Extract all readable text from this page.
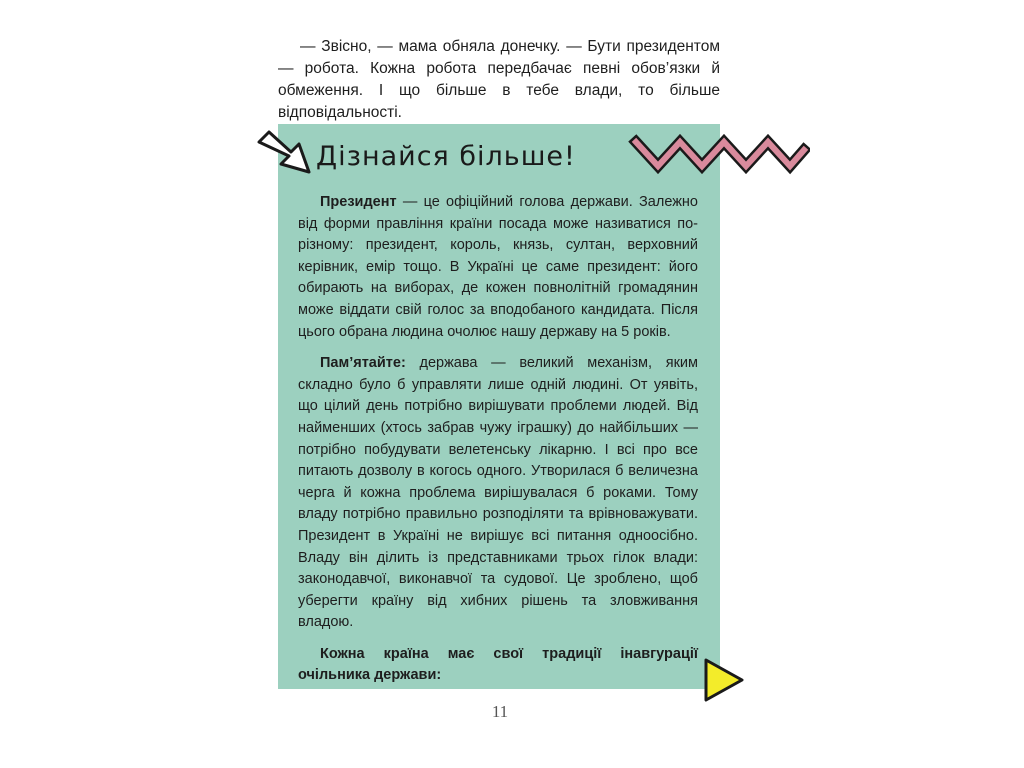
— Звісно, — мама обняла донечку. — Бути президентом — робота. Кожна робота передбачає певні обов’язки й обмеження. І що більше в тебе влади, то більше відповідальності.

Дізнайся більше!

Президент — це офіційний голова держави. Залежно від форми правління країни посада може називатися по-різному: президент, король, князь, султан, верховний керівник, емір тощо. В Україні це саме президент: його обирають на виборах, де кожен повнолітній громадянин може віддати свій голос за вподобаного кандидата. Після цього обрана людина очолює нашу державу на 5 років.

Пам’ятайте: держава — великий механізм, яким складно було б управляти лише одній людині. От уявіть, що цілий день потрібно вирішувати проблеми людей. Від найменших (хтось забрав чужу іграшку) до найбільших — потрібно побудувати велетенську лікарню. І всі про все питають дозволу в когось одного. Утворилася б величезна черга й кожна проблема вирішувалася б роками. Тому владу потрібно правильно розподіляти та врівноважувати. Президент в Україні не вирішує всі питання одноосібно. Владу він ділить із представниками трьох гілок влади: законодавчої, виконавчої та судової. Це зроблено, щоб уберегти країну від хибних рішень та зловживання владою.

Кожна країна має свої традиції інавгурації очільника держави:

11
